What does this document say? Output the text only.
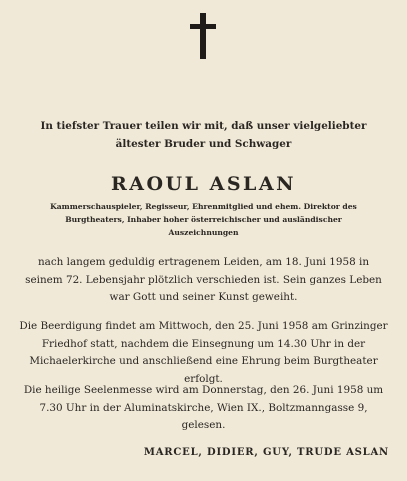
In tiefster Trauer teilen wir mit, daß unser vielgeliebter ältester Bruder und Schwager
RAOUL ASLAN
Kammerschauspieler, Regisseur, Ehrenmitglied und ehem. Direktor des Burgtheaters, Inhaber hoher österreichischer und ausländischer Auszeichnungen
nach langem geduldig ertragenem Leiden, am 18. Juni 1958 in seinem 72. Lebensjahr plötzlich verschieden ist. Sein ganzes Leben war Gott und seiner Kunst geweiht.
Die Beerdigung findet am Mittwoch, den 25. Juni 1958 am Grinzinger Friedhof statt, nachdem die Einsegnung um 14.30 Uhr in der Michaelerkirche und anschließend eine Ehrung beim Burgtheater erfolgt.
Die heilige Seelenmesse wird am Donnerstag, den 26. Juni 1958 um 7.30 Uhr in der Aluminatskirche, Wien IX., Boltzmanngasse 9, gelesen.
MARCEL, DIDIER, GUY, TRUDE ASLAN
